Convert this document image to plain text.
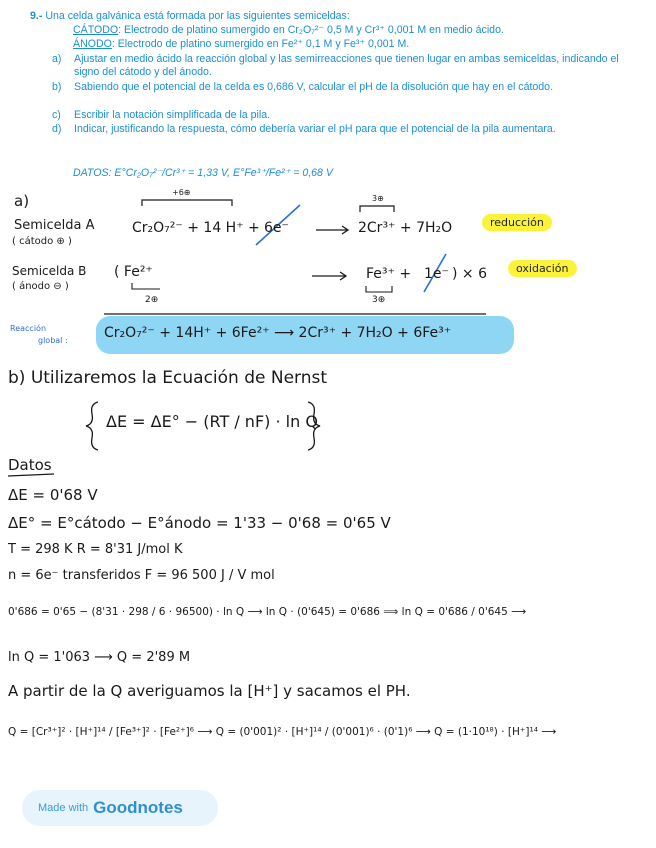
9.- Una celda galvánica está formada por las siguientes semiceldas:
CÁTODO: Electrodo de platino sumergido en Cr₂O₇²⁻ 0,5 M y Cr³⁺ 0,001 M en medio ácido.
ÁNODO: Electrodo de platino sumergido en Fe²⁺ 0,1 M y Fe³⁺ 0,001 M.
a)	Ajustar en medio ácido la reacción global y las semirreacciones que tienen lugar en ambas semiceldas, indicando el signo del cátodo y del ánodo.
b)	Sabiendo que el potencial de la celda es 0,686 V, calcular el pH de la disolución que hay en el cátodo.
c)	Escribir la notación simplificada de la pila.
d)	Indicar, justificando la respuesta, cómo debería variar el pH para que el potencial de la pila aumentara.
DATOS: E°Cr₂O₇²⁻/Cr³⁺ = 1,33 V, E°Fe³⁺/Fe²⁺ = 0,68 V
reducción
oxidación
a)	+6⊕
3⊕
Semicelda A
( cátodo ⊕ )
Cr₂O₇²⁻ + 14 H⁺ + 6e⁻	2Cr³⁺ + 7H₂O
Semicelda B
( ánodo ⊖ )
( Fe²⁺	Fe³⁺ + 1e⁻ ) × 6
2⊕	3⊕
Reacción
global :	Cr₂O₇²⁻ + 14H⁺ + 6Fe²⁺ ⟶ 2Cr³⁺ + 7H₂O + 6Fe³⁺
b) Utilizaremos la Ecuación de Nernst
ΔE = ΔE° − (RT / nF) · ln Q
Datos
ΔE = 0'68 V
ΔE° = E°cátodo − E°ánodo = 1'33 − 0'68 = 0'65 V
T = 298 K R = 8'31 J/mol K
n = 6e⁻ transferidos F = 96 500 J / V mol
0'686 = 0'65 − (8'31 · 298 / 6 · 96500) · ln Q ⟶ ln Q · (0'645) = 0'686 ⟹ ln Q = 0'686 / 0'645 ⟶
ln Q = 1'063 ⟶ Q = 2'89 M
A partir de la Q averiguamos la [H⁺] y sacamos el PH.
Q = [Cr³⁺]² · [H⁺]¹⁴ / [Fe³⁺]² · [Fe²⁺]⁶ ⟶ Q = (0'001)² · [H⁺]¹⁴ / (0'001)⁶ · (0'1)⁶ ⟶ Q = (1·10¹⁸) · [H⁺]¹⁴ ⟶
Made with Goodnotes
